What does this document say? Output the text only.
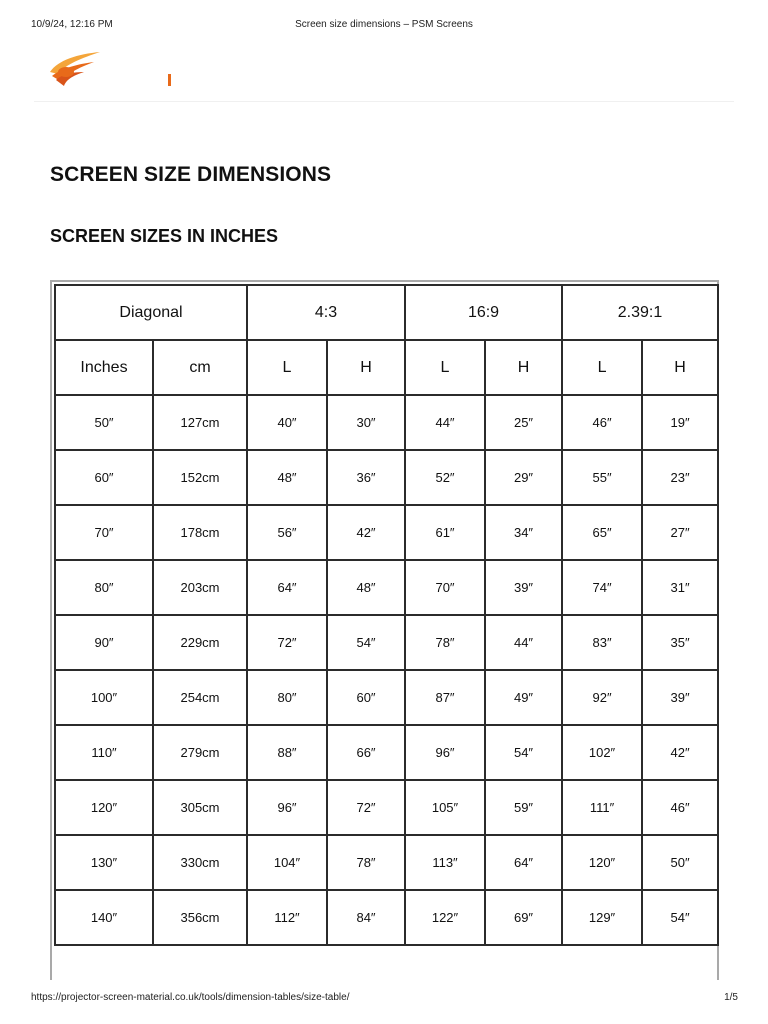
10/9/24, 12:16 PM	Screen size dimensions – PSM Screens
SCREEN SIZE DIMENSIONS
SCREEN SIZES IN INCHES
Diagonal		4:3		16:9		2.39:1	
Inches	cm	L	H	L	H	L	H
50″	127cm	40″	30″	44″	25″	46″	19″
60″	152cm	48″	36″	52″	29″	55″	23″
70″	178cm	56″	42″	61″	34″	65″	27″
80″	203cm	64″	48″	70″	39″	74″	31″
90″	229cm	72″	54″	78″	44″	83″	35″
100″	254cm	80″	60″	87″	49″	92″	39″
110″	279cm	88″	66″	96″	54″	102″	42″
120″	305cm	96″	72″	105″	59″	111″	46″
130″	330cm	104″	78″	113″	64″	120″	50″
140″	356cm	112″	84″	122″	69″	129″	54″
https://projector-screen-material.co.uk/tools/dimension-tables/size-table/	1/5
